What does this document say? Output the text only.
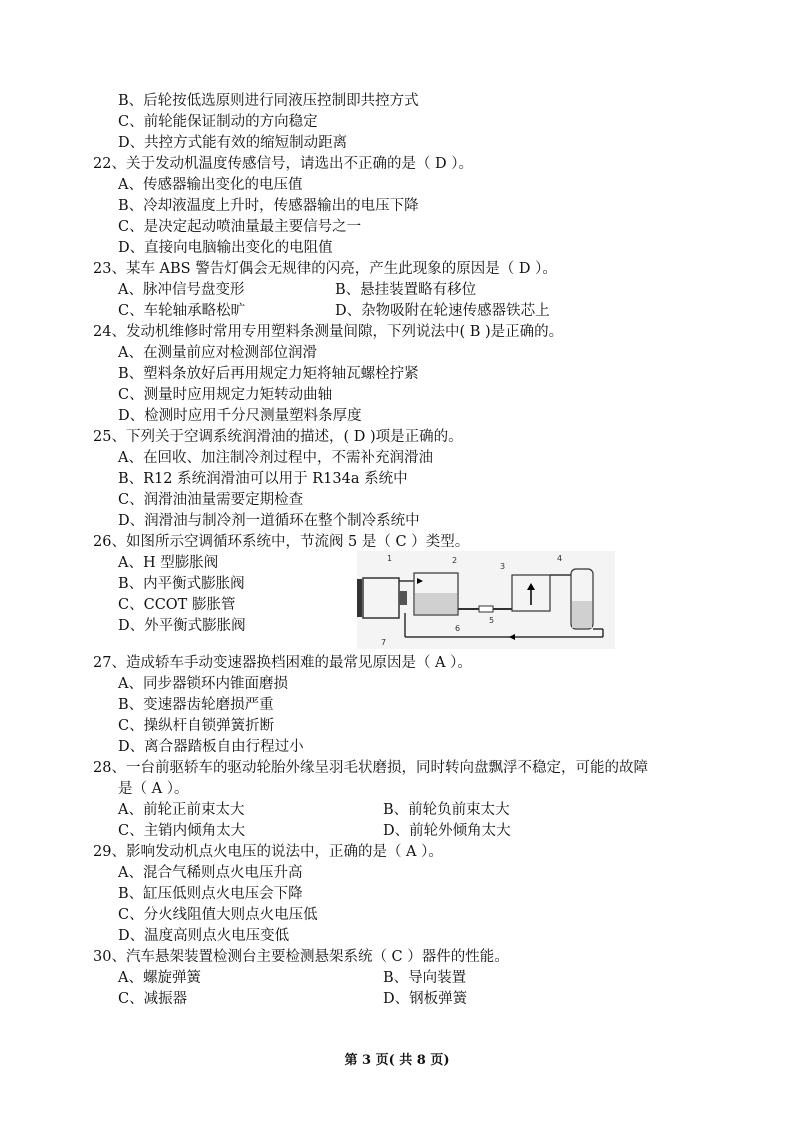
B、后轮按低选原则进行同液压控制即共控方式
C、前轮能保证制动的方向稳定
D、共控方式能有效的缩短制动距离
22、关于发动机温度传感信号，请选出不正确的是（ D ）。
A、传感器输出变化的电压值
B、冷却液温度上升时，传感器输出的电压下降
C、是决定起动喷油量最主要信号之一
D、直接向电脑输出变化的电阻值
23、某车 ABS 警告灯偶会无规律的闪亮，产生此现象的原因是（ D ）。
A、脉冲信号盘变形	B、悬挂装置略有移位
C、车轮轴承略松旷	D、杂物吸附在轮速传感器铁芯上
24、发动机维修时常用专用塑料条测量间隙，下列说法中( B )是正确的。
A、在测量前应对检测部位润滑
B、塑料条放好后再用规定力矩将轴瓦螺栓拧紧
C、测量时应用规定力矩转动曲轴
D、检测时应用千分尺测量塑料条厚度
25、下列关于空调系统润滑油的描述，( D )项是正确的。
A、在回收、加注制冷剂过程中，不需补充润滑油
B、R12 系统润滑油可以用于 R134a 系统中
C、润滑油油量需要定期检查
D、润滑油与制冷剂一道循环在整个制冷系统中
26、如图所示空调循环系统中，节流阀 5 是（ C ）类型。
A、H 型膨胀阀
B、内平衡式膨胀阀
C、CCOT 膨胀管
D、外平衡式膨胀阀
1	2
3
4
5
6
7
27、造成轿车手动变速器换档困难的最常见原因是（ A ）。
A、同步器锁环内锥面磨损
B、变速器齿轮磨损严重
C、操纵杆自锁弹簧折断
D、离合器踏板自由行程过小
28、一台前驱轿车的驱动轮胎外缘呈羽毛状磨损，同时转向盘飘浮不稳定，可能的故障
是（ A ）。
A、前轮正前束太大	B、前轮负前束太大
C、主销内倾角太大	D、前轮外倾角太大
29、影响发动机点火电压的说法中，正确的是（ A ）。
A、混合气稀则点火电压升高
B、缸压低则点火电压会下降
C、分火线阻值大则点火电压低
D、温度高则点火电压变低
30、汽车悬架装置检测台主要检测悬架系统（ C ）器件的性能。
A、螺旋弹簧	B、导向装置
C、减振器	D、钢板弹簧
第 3 页( 共 8 页)
